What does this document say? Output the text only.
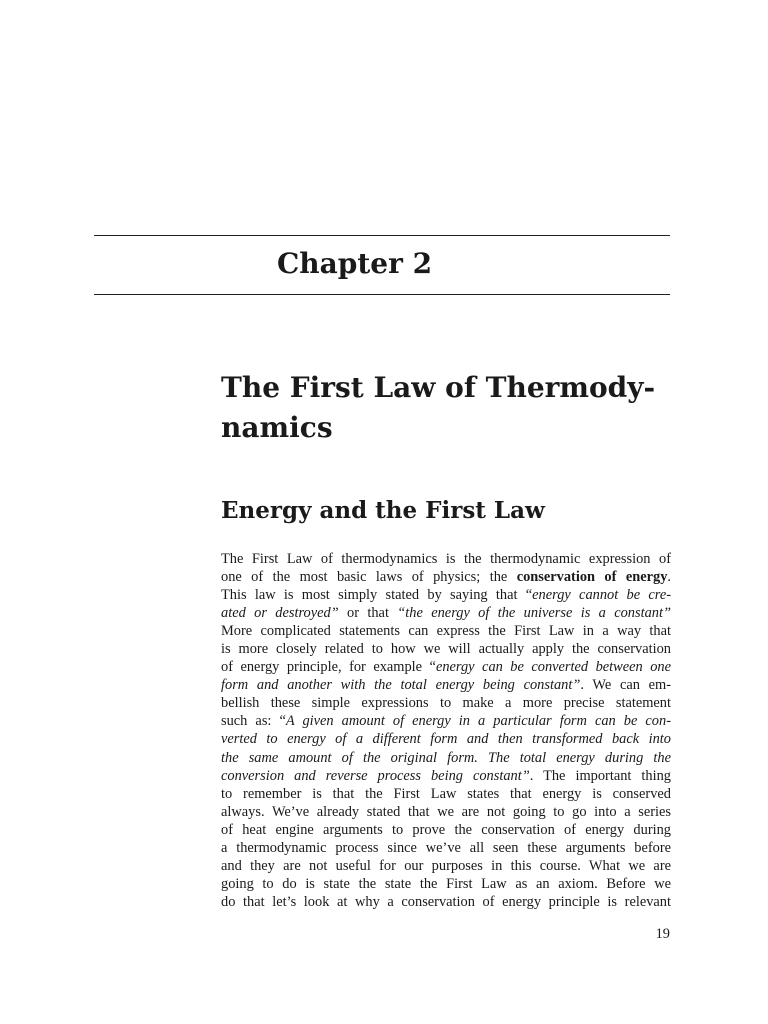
Chapter 2
The First Law of Thermody-
namics
Energy and the First Law
The First Law of thermodynamics is the thermodynamic expression of
one of the most basic laws of physics; the conservation of energy.
This law is most simply stated by saying that “energy cannot be cre-
ated or destroyed” or that “the energy of the universe is a constant”
More complicated statements can express the First Law in a way that
is more closely related to how we will actually apply the conservation
of energy principle, for example “energy can be converted between one
form and another with the total energy being constant”. We can em-
bellish these simple expressions to make a more precise statement
such as: “A given amount of energy in a particular form can be con-
verted to energy of a different form and then transformed back into
the same amount of the original form. The total energy during the
conversion and reverse process being constant”. The important thing
to remember is that the First Law states that energy is conserved
always. We’ve already stated that we are not going to go into a series
of heat engine arguments to prove the conservation of energy during
a thermodynamic process since we’ve all seen these arguments before
and they are not useful for our purposes in this course. What we are
going to do is state the state the First Law as an axiom. Before we
do that let’s look at why a conservation of energy principle is relevant
19
